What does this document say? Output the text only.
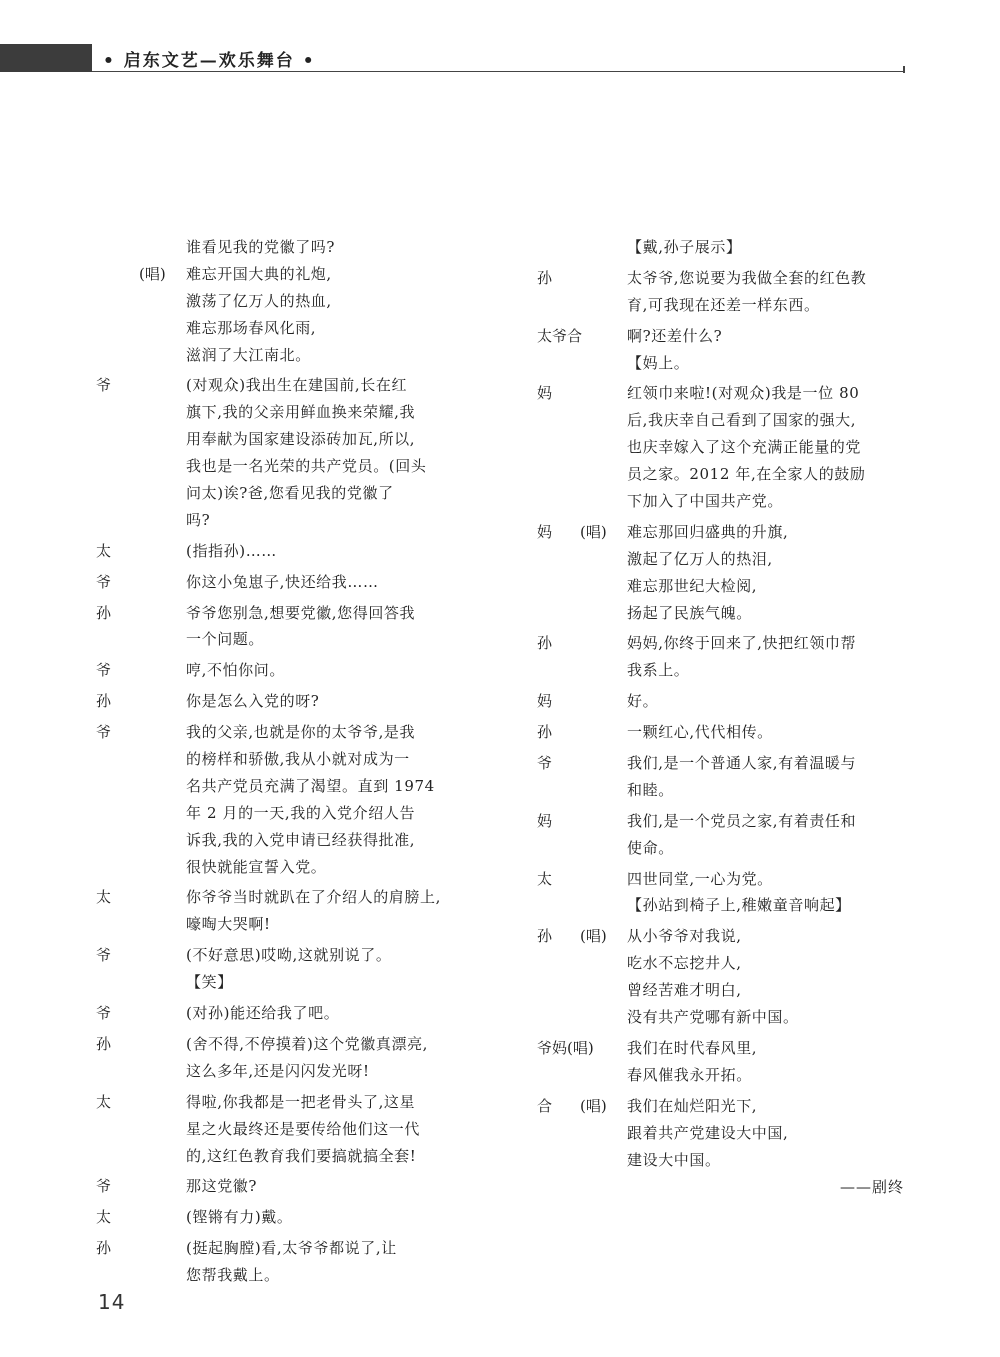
• 启东文艺—欢乐舞台 •
谁看见我的党徽了吗?
(唱) 难忘开国大典的礼炮,
激荡了亿万人的热血,
难忘那场春风化雨,
滋润了大江南北。
爷	(对观众)我出生在建国前,长在红
旗下,我的父亲用鲜血换来荣耀,我
用奉献为国家建设添砖加瓦,所以,
我也是一名光荣的共产党员。(回头
问太)诶?爸,您看见我的党徽了
吗?
太	(指指孙)……
爷	你这小兔崽子,快还给我……
孙	爷爷您别急,想要党徽,您得回答我
一个问题。
爷	哼,不怕你问。
孙	你是怎么入党的呀?
爷	我的父亲,也就是你的太爷爷,是我
的榜样和骄傲,我从小就对成为一
名共产党员充满了渴望。直到 1974
年 2 月的一天,我的入党介绍人告
诉我,我的入党申请已经获得批准,
很快就能宣誓入党。
太	你爷爷当时就趴在了介绍人的肩膀上,
嚎啕大哭啊!
爷	(不好意思)哎呦,这就别说了。
【笑】
爷	(对孙)能还给我了吧。
孙	(舍不得,不停摸着)这个党徽真漂亮,
这么多年,还是闪闪发光呀!
太	得啦,你我都是一把老骨头了,这星
星之火最终还是要传给他们这一代
的,这红色教育我们要搞就搞全套!
爷	那这党徽?
太	(铿锵有力)戴。
孙	(挺起胸膛)看,太爷爷都说了,让
您帮我戴上。
【戴,孙子展示】
孙	太爷爷,您说要为我做全套的红色教
育,可我现在还差一样东西。
太爷合	啊?还差什么?
【妈上。
妈	红领巾来啦!(对观众)我是一位 80
后,我庆幸自己看到了国家的强大,
也庆幸嫁入了这个充满正能量的党
员之家。2012 年,在全家人的鼓励
下加入了中国共产党。
妈 (唱) 难忘那回归盛典的升旗,
激起了亿万人的热泪,
难忘那世纪大检阅,
扬起了民族气魄。
孙	妈妈,你终于回来了,快把红领巾帮
我系上。
妈	好。
孙	一颗红心,代代相传。
爷	我们,是一个普通人家,有着温暖与
和睦。
妈	我们,是一个党员之家,有着责任和
使命。
太	四世同堂,一心为党。
【孙站到椅子上,稚嫩童音响起】
孙 (唱) 从小爷爷对我说,
吃水不忘挖井人,
曾经苦难才明白,
没有共产党哪有新中国。
爷妈(唱) 我们在时代春风里,
春风催我永开拓。
合 (唱) 我们在灿烂阳光下,
跟着共产党建设大中国,
建设大中国。
——剧终
14
